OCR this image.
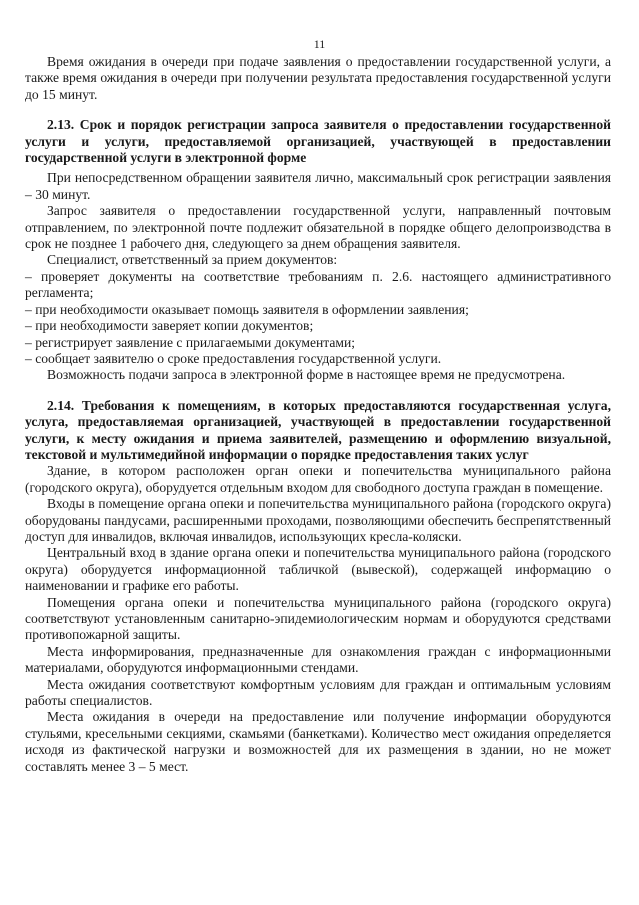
11

Время ожидания в очереди при подаче заявления о предоставлении государственной услуги, а также время ожидания в очереди при получении результата предоставления государственной услуги до 15 минут.

2.13. Срок и порядок регистрации запроса заявителя о предоставлении государственной услуги и услуги, предоставляемой организацией, участвующей в предоставлении государственной услуги в электронной форме

При непосредственном обращении заявителя лично, максимальный срок регистрации заявления – 30 минут.

Запрос заявителя о предоставлении государственной услуги, направленный почтовым отправлением, по электронной почте подлежит обязательной в порядке общего делопроизводства в срок не позднее 1 рабочего дня, следующего за днем обращения заявителя.

Специалист, ответственный за прием документов:

– проверяет документы на соответствие требованиям п. 2.6. настоящего административного регламента;

– при необходимости оказывает помощь заявителя в оформлении заявления;

– при необходимости заверяет копии документов;

– регистрирует заявление с прилагаемыми документами;

– сообщает заявителю о сроке предоставления государственной услуги.

Возможность подачи запроса в электронной форме в настоящее время не предусмотрена.

2.14. Требования к помещениям, в которых предоставляются государственная услуга, услуга, предоставляемая организацией, участвующей в предоставлении государственной услуги, к месту ожидания и приема заявителей, размещению и оформлению визуальной, текстовой и мультимедийной информации о порядке предоставления таких услуг

Здание, в котором расположен орган опеки и попечительства муниципального района (городского округа), оборудуется отдельным входом для свободного доступа граждан в помещение.

Входы в помещение органа опеки и попечительства муниципального района (городского округа) оборудованы пандусами, расширенными проходами, позволяющими обеспечить беспрепятственный доступ для инвалидов, включая инвалидов, использующих кресла-коляски.

Центральный вход в здание органа опеки и попечительства муниципального района (городского округа) оборудуется информационной табличкой (вывеской), содержащей информацию о наименовании и графике его работы.

Помещения органа опеки и попечительства муниципального района (городского округа) соответствуют установленным санитарно-эпидемиологическим нормам и оборудуются средствами противопожарной защиты.

Места информирования, предназначенные для ознакомления граждан с информационными материалами, оборудуются информационными стендами.

Места ожидания соответствуют комфортным условиям для граждан и оптимальным условиям работы специалистов.

Места ожидания в очереди на предоставление или получение информации оборудуются стульями, кресельными секциями, скамьями (банкетками). Количество мест ожидания определяется исходя из фактической нагрузки и возможностей для их размещения в здании, но не может составлять менее 3 – 5 мест.
